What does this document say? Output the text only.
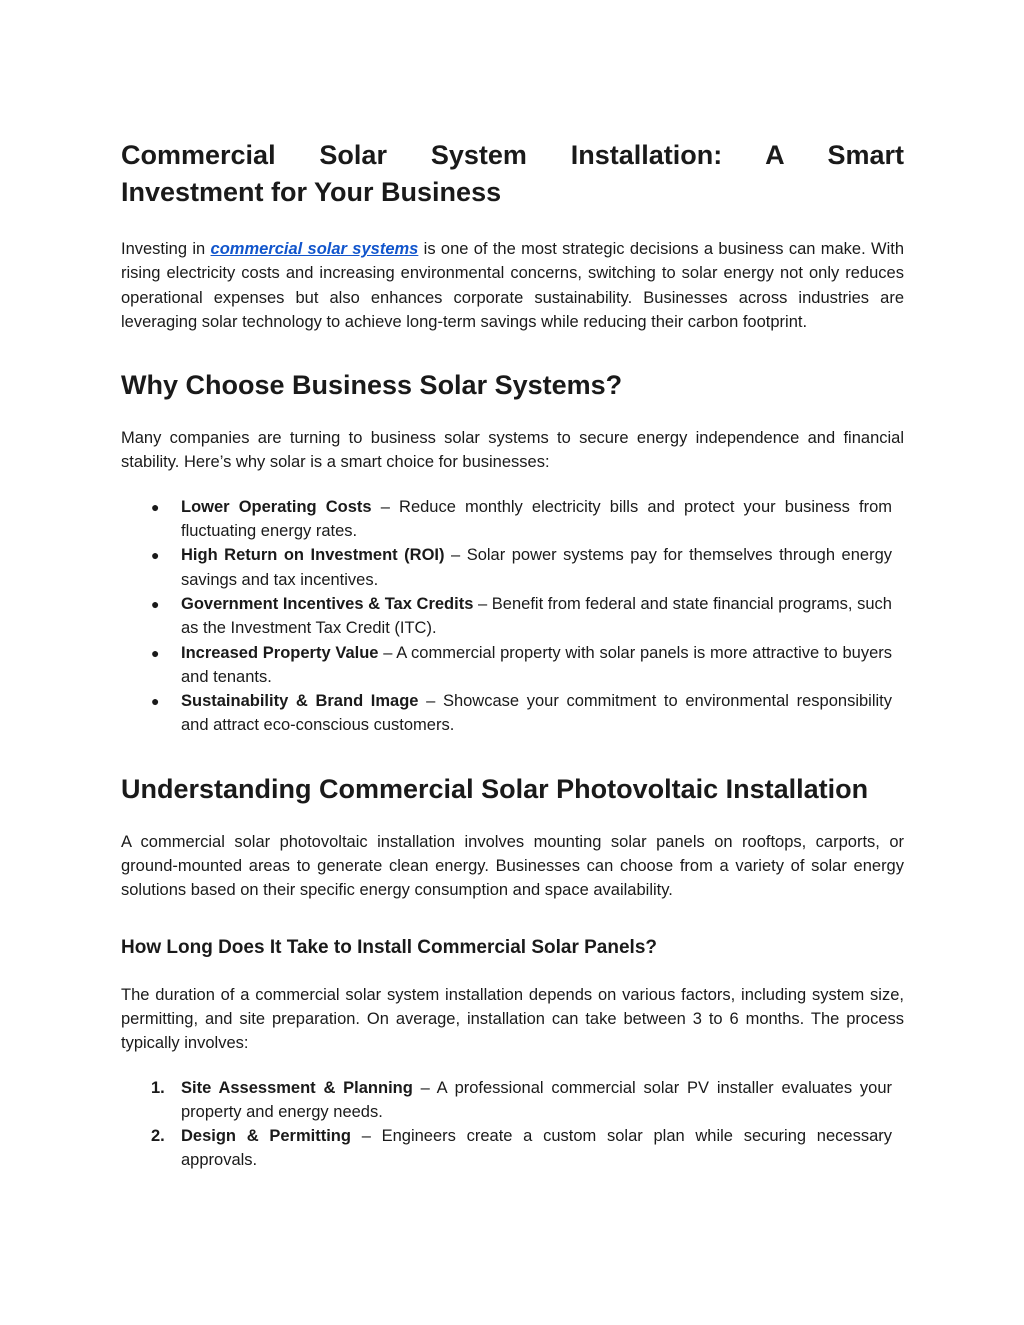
Commercial Solar System Installation: A Smart
Investment for Your Business

Investing in commercial solar systems is one of the most strategic decisions a business can make. With rising electricity costs and increasing environmental concerns, switching to solar energy not only reduces operational expenses but also enhances corporate sustainability. Businesses across industries are leveraging solar technology to achieve long-term savings while reducing their carbon footprint.

Why Choose Business Solar Systems?

Many companies are turning to business solar systems to secure energy independence and financial stability. Here’s why solar is a smart choice for businesses:

● Lower Operating Costs – Reduce monthly electricity bills and protect your business from fluctuating energy rates.
● High Return on Investment (ROI) – Solar power systems pay for themselves through energy savings and tax incentives.
● Government Incentives & Tax Credits – Benefit from federal and state financial programs, such as the Investment Tax Credit (ITC).
● Increased Property Value – A commercial property with solar panels is more attractive to buyers and tenants.
● Sustainability & Brand Image – Showcase your commitment to environmental responsibility and attract eco-conscious customers.
Understanding Commercial Solar Photovoltaic Installation

A commercial solar photovoltaic installation involves mounting solar panels on rooftops, carports, or ground-mounted areas to generate clean energy. Businesses can choose from a variety of solar energy solutions based on their specific energy consumption and space availability.

How Long Does It Take to Install Commercial Solar Panels?

The duration of a commercial solar system installation depends on various factors, including system size, permitting, and site preparation. On average, installation can take between 3 to 6 months. The process typically involves:

1. Site Assessment & Planning – A professional commercial solar PV installer evaluates your property and energy needs.
2. Design & Permitting – Engineers create a custom solar plan while securing necessary approvals.
